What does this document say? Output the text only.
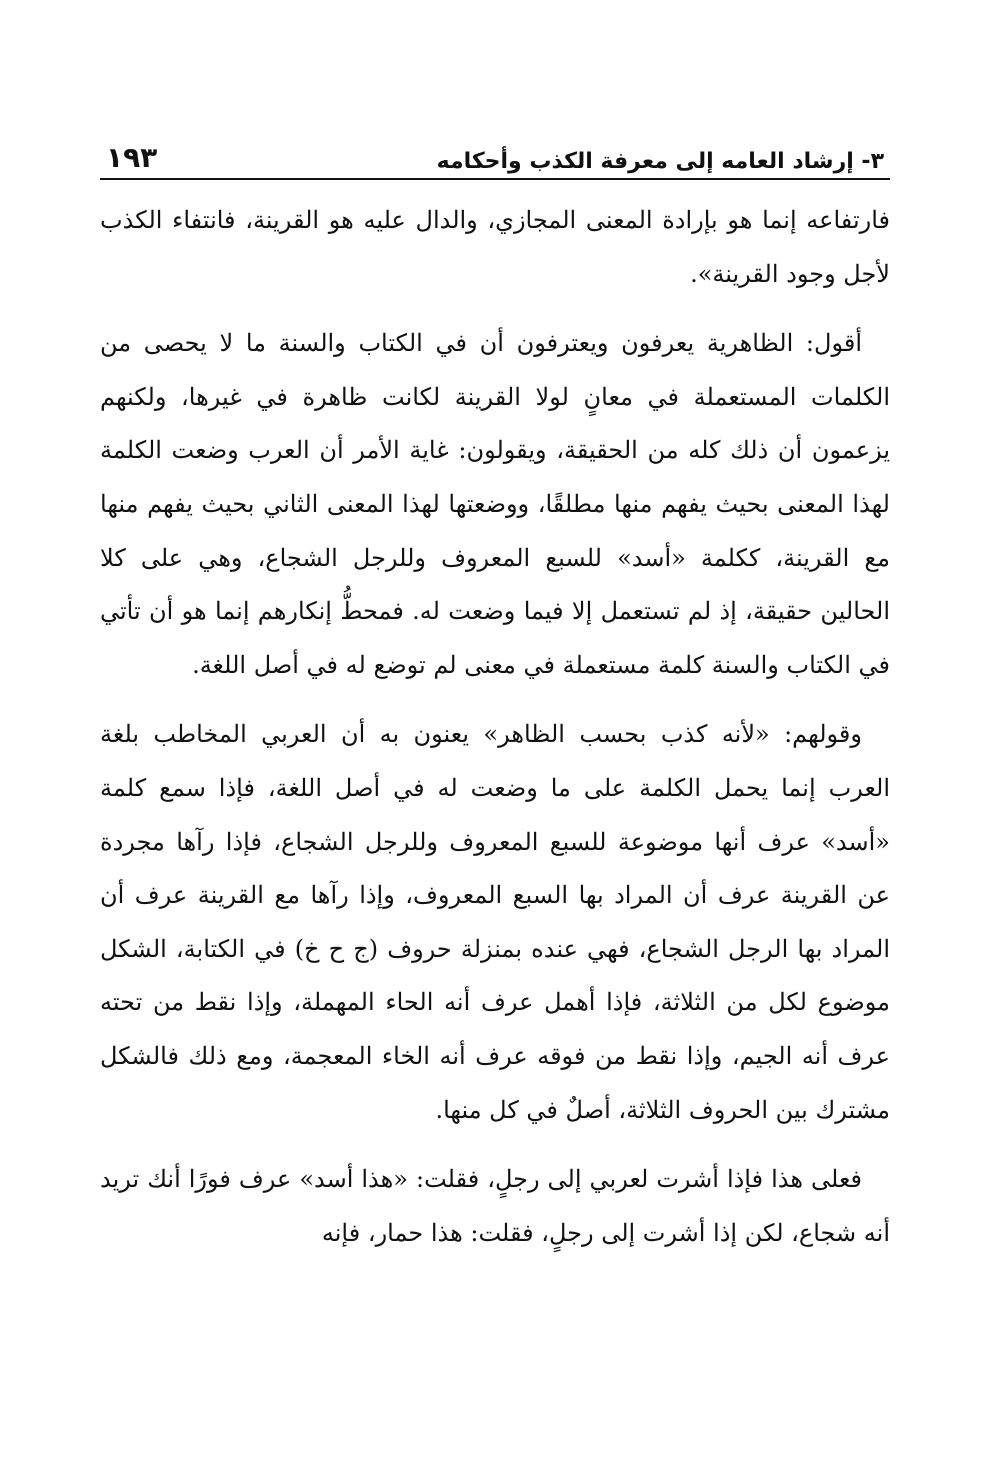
٣- إرشاد العامه إلى معرفة الكذب وأحكامه
١٩٣

فارتفاعه إنما هو بإرادة المعنى المجازي، والدال عليه هو القرينة، فانتفاء الكذب لأجل وجود القرينة».

أقول: الظاهرية يعرفون ويعترفون أن في الكتاب والسنة ما لا يحصى من الكلمات المستعملة في معانٍ لولا القرينة لكانت ظاهرة في غيرها، ولكنهم يزعمون أن ذلك كله من الحقيقة، ويقولون: غاية الأمر أن العرب وضعت الكلمة لهذا المعنى بحيث يفهم منها مطلقًا، ووضعتها لهذا المعنى الثاني بحيث يفهم منها مع القرينة، ككلمة «أسد» للسبع المعروف وللرجل الشجاع، وهي على كلا الحالين حقيقة، إذ لم تستعمل إلا فيما وضعت له. فمحطُّ إنكارهم إنما هو أن تأتي في الكتاب والسنة كلمة مستعملة في معنى لم توضع له في أصل اللغة.

وقولهم: «لأنه كذب بحسب الظاهر» يعنون به أن العربي المخاطب بلغة العرب إنما يحمل الكلمة على ما وضعت له في أصل اللغة، فإذا سمع كلمة «أسد» عرف أنها موضوعة للسبع المعروف وللرجل الشجاع، فإذا رآها مجردة عن القرينة عرف أن المراد بها السبع المعروف، وإذا رآها مع القرينة عرف أن المراد بها الرجل الشجاع، فهي عنده بمنزلة حروف (ج ح خ) في الكتابة، الشكل موضوع لكل من الثلاثة، فإذا أهمل عرف أنه الحاء المهملة، وإذا نقط من تحته عرف أنه الجيم، وإذا نقط من فوقه عرف أنه الخاء المعجمة، ومع ذلك فالشكل مشترك بين الحروف الثلاثة، أصلٌ في كل منها.

فعلى هذا فإذا أشرت لعربي إلى رجلٍ، فقلت: «هذا أسد» عرف فورًا أنك تريد أنه شجاع، لكن إذا أشرت إلى رجلٍ، فقلت: هذا حمار، فإنه
